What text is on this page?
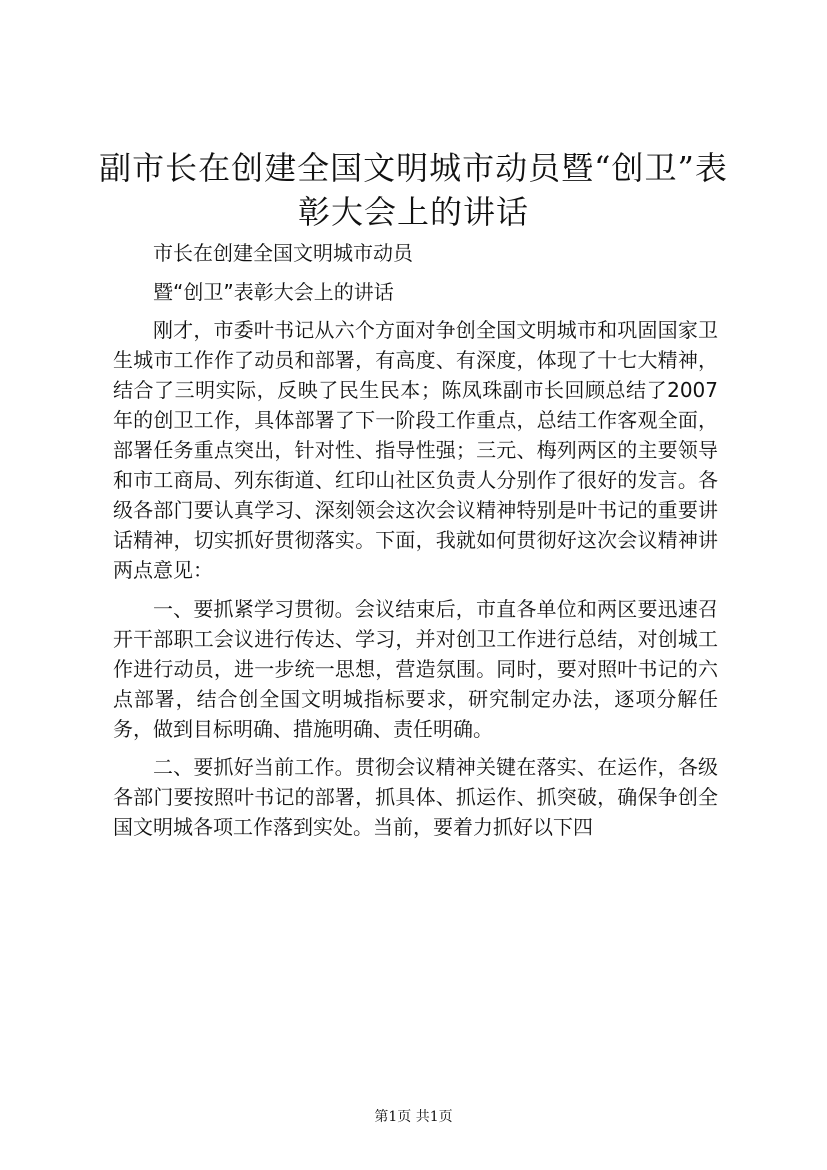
副市长在创建全国文明城市动员暨“创卫”表
彰大会上的讲话

市长在创建全国文明城市动员

暨“创卫”表彰大会上的讲话

刚才，市委叶书记从六个方面对争创全国文明城市和巩固国家卫生城市工作作了动员和部署，有高度、有深度，体现了十七大精神，结合了三明实际，反映了民生民本；陈凤珠副市长回顾总结了2007年的创卫工作，具体部署了下一阶段工作重点，总结工作客观全面，部署任务重点突出，针对性、指导性强；三元、梅列两区的主要领导和市工商局、列东街道、红印山社区负责人分别作了很好的发言。各级各部门要认真学习、深刻领会这次会议精神特别是叶书记的重要讲话精神，切实抓好贯彻落实。下面，我就如何贯彻好这次会议精神讲两点意见：

一、要抓紧学习贯彻。会议结束后，市直各单位和两区要迅速召开干部职工会议进行传达、学习，并对创卫工作进行总结，对创城工作进行动员，进一步统一思想，营造氛围。同时，要对照叶书记的六点部署，结合创全国文明城指标要求，研究制定办法，逐项分解任务，做到目标明确、措施明确、责任明确。

二、要抓好当前工作。贯彻会议精神关键在落实、在运作，各级各部门要按照叶书记的部署，抓具体、抓运作、抓突破，确保争创全国文明城各项工作落到实处。当前，要着力抓好以下四

第1页 共1页
